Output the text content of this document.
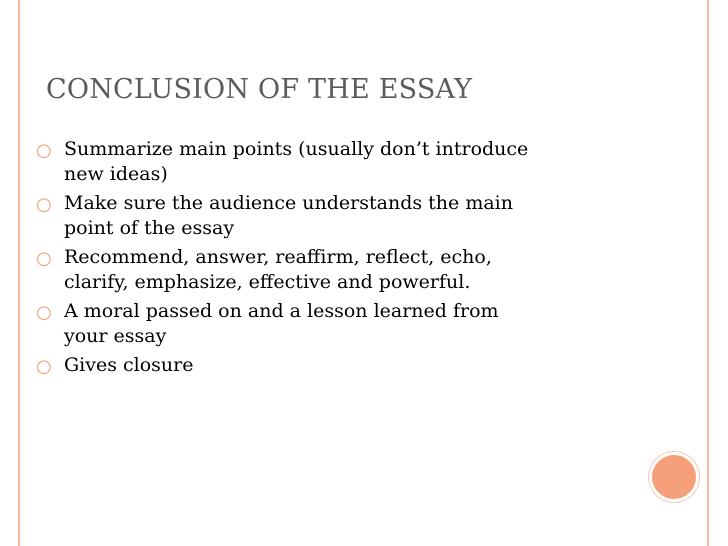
CONCLUSION OF THE ESSAY
○ Summarize main points (usually don’t introduce
new ideas)
○ Make sure the audience understands the main
point of the essay
○ Recommend, answer, reaffirm, reflect, echo,
clarify, emphasize, effective and powerful.
○ A moral passed on and a lesson learned from
your essay
○ Gives closure
